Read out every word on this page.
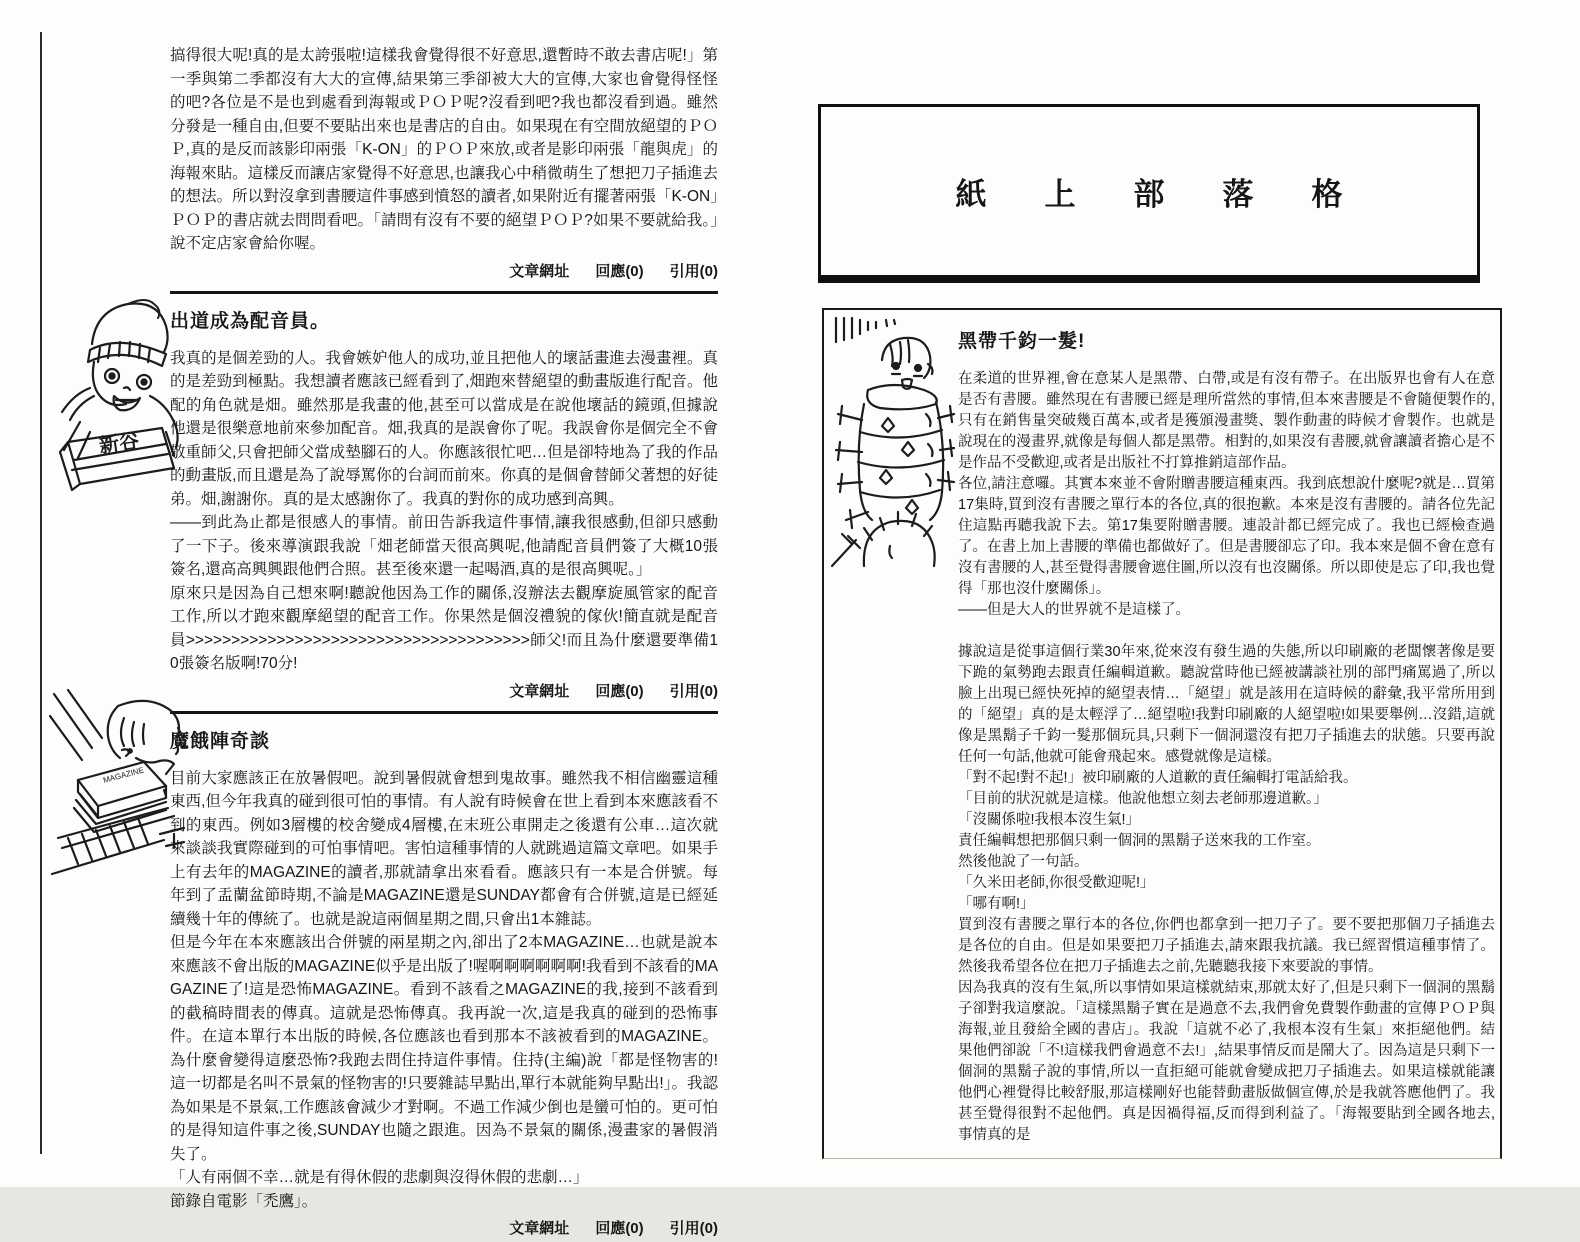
搞得很大呢!真的是太誇張啦!這樣我會覺得很不好意思,還暫時不敢去書店呢!」第一季與第二季都沒有大大的宣傳,結果第三季卻被大大的宣傳,大家也會覺得怪怪的吧?各位是不是也到處看到海報或ＰＯＰ呢?沒看到吧?我也都沒看到過。雖然分發是一種自由,但要不要貼出來也是書店的自由。如果現在有空間放絕望的ＰＯＰ,真的是反而該影印兩張「K-ON」的ＰＯＰ來放,或者是影印兩張「龍與虎」的海報來貼。這樣反而讓店家覺得不好意思,也讓我心中稍微萌生了想把刀子插進去的想法。所以對沒拿到書腰這件事感到憤怒的讀者,如果附近有擺著兩張「K-ON」ＰＯＰ的書店就去問問看吧。「請問有沒有不要的絕望ＰＯＰ?如果不要就給我。」說不定店家會給你喔。

文章網址 回應(0) 引用(0)
出道成為配音員。

我真的是個差勁的人。我會嫉妒他人的成功,並且把他人的壞話畫進去漫畫裡。真的是差勁到極點。我想讀者應該已經看到了,畑跑來替絕望的動畫版進行配音。他配的角色就是畑。雖然那是我畫的他,甚至可以當成是在說他壞話的鏡頭,但據說他還是很樂意地前來參加配音。畑,我真的是誤會你了呢。我誤會你是個完全不會敬重師父,只會把師父當成墊腳石的人。你應該很忙吧…但是卻特地為了我的作品的動畫版,而且還是為了說辱罵你的台詞而前來。你真的是個會替師父著想的好徒弟。畑,謝謝你。真的是太感謝你了。我真的對你的成功感到高興。

——到此為止都是很感人的事情。前田告訴我這件事情,讓我很感動,但卻只感動了一下子。後來導演跟我說「畑老師當天很高興呢,他請配音員們簽了大概10張簽名,還高高興興跟他們合照。甚至後來還一起喝酒,真的是很高興呢。」

原來只是因為自己想來啊!聽說他因為工作的關係,沒辦法去觀摩旋風管家的配音工作,所以才跑來觀摩絕望的配音工作。你果然是個沒禮貌的傢伙!簡直就是配音員>>>>>>>>>>>>>>>>>>>>>>>>>>>>>>>>>>>>>>師父!而且為什麼還要準備10張簽名版啊!70分!

文章網址 回應(0) 引用(0)
魔餓陣奇談

目前大家應該正在放暑假吧。說到暑假就會想到鬼故事。雖然我不相信幽靈這種東西,但今年我真的碰到很可怕的事情。有人說有時候會在世上看到本來應該看不到的東西。例如3層樓的校舍變成4層樓,在末班公車開走之後還有公車…這次就來談談我實際碰到的可怕事情吧。害怕這種事情的人就跳過這篇文章吧。如果手上有去年的MAGAZINE的讀者,那就請拿出來看看。應該只有一本是合併號。每年到了盂蘭盆節時期,不論是MAGAZINE還是SUNDAY都會有合併號,這是已經延續幾十年的傳統了。也就是說這兩個星期之間,只會出1本雜誌。

但是今年在本來應該出合併號的兩星期之內,卻出了2本MAGAZINE…也就是說本來應該不會出版的MAGAZINE似乎是出版了!喔啊啊啊啊啊啊!我看到不該看的MAGAZINE了!這是恐怖MAGAZINE。看到不該看之MAGAZINE的我,接到不該看到的截稿時間表的傳真。這就是恐怖傳真。我再說一次,這是我真的碰到的恐怖事件。在這本單行本出版的時候,各位應該也看到那本不該被看到的MAGAZINE。為什麼會變得這麼恐怖?我跑去問住持這件事情。住持(主編)說「都是怪物害的!這一切都是名叫不景氣的怪物害的!只要雜誌早點出,單行本就能夠早點出!」。我認為如果是不景氣,工作應該會減少才對啊。不過工作減少倒也是蠻可怕的。更可怕的是得知這件事之後,SUNDAY也隨之跟進。因為不景氣的關係,漫畫家的暑假消失了。

「人有兩個不幸…就是有得休假的悲劇與沒得休假的悲劇…」

節錄自電影「禿鷹」。

文章網址 回應(0) 引用(0)
新谷
MAGAZINE
紙上部落格
黑帶千鈞一髮!

在柔道的世界裡,會在意某人是黑帶、白帶,或是有沒有帶子。在出版界也會有人在意是否有書腰。雖然現在有書腰已經是理所當然的事情,但本來書腰是不會隨便製作的,只有在銷售量突破幾百萬本,或者是獲頒漫畫獎、製作動畫的時候才會製作。也就是說現在的漫畫界,就像是每個人都是黑帶。相對的,如果沒有書腰,就會讓讀者擔心是不是作品不受歡迎,或者是出版社不打算推銷這部作品。

各位,請注意囉。其實本來並不會附贈書腰這種東西。我到底想說什麼呢?就是…買第17集時,買到沒有書腰之單行本的各位,真的很抱歉。本來是沒有書腰的。請各位先記住這點再聽我說下去。第17集要附贈書腰。連設計都已經完成了。我也已經檢查過了。在書上加上書腰的準備也都做好了。但是書腰卻忘了印。我本來是個不會在意有沒有書腰的人,甚至覺得書腰會遮住圖,所以沒有也沒關係。所以即使是忘了印,我也覺得「那也沒什麼關係」。

——但是大人的世界就不是這樣了。

據說這是從事這個行業30年來,從來沒有發生過的失態,所以印刷廠的老闆懷著像是要下跪的氣勢跑去跟責任編輯道歉。聽說當時他已經被講談社別的部門痛罵過了,所以臉上出現已經快死掉的絕望表情…「絕望」就是該用在這時候的辭彙,我平常所用到的「絕望」真的是太輕浮了…絕望啦!我對印刷廠的人絕望啦!如果要舉例…沒錯,這就像是黑鬍子千鈞一髮那個玩具,只剩下一個洞還沒有把刀子插進去的狀態。只要再說任何一句話,他就可能會飛起來。感覺就像是這樣。

「對不起!對不起!」被印刷廠的人道歉的責任編輯打電話給我。

「目前的狀況就是這樣。他說他想立刻去老師那邊道歉。」

「沒關係啦!我根本沒生氣!」

責任編輯想把那個只剩一個洞的黑鬍子送來我的工作室。

然後他說了一句話。

「久米田老師,你很受歡迎呢!」

「哪有啊!」

買到沒有書腰之單行本的各位,你們也都拿到一把刀子了。要不要把那個刀子插進去是各位的自由。但是如果要把刀子插進去,請來跟我抗議。我已經習慣這種事情了。然後我希望各位在把刀子插進去之前,先聽聽我接下來要說的事情。

因為我真的沒有生氣,所以事情如果這樣就結束,那就太好了,但是只剩下一個洞的黑鬍子卻對我這麼說。「這樣黑鬍子實在是過意不去,我們會免費製作動畫的宣傳ＰＯＰ與海報,並且發給全國的書店」。我說「這就不必了,我根本沒有生氣」來拒絕他們。結果他們卻說「不!這樣我們會過意不去!」,結果事情反而是鬧大了。因為這是只剩下一個洞的黑鬍子說的事情,所以一直拒絕可能就會變成把刀子插進去。如果這樣就能讓他們心裡覺得比較舒服,那這樣剛好也能替動畫版做個宣傳,於是我就答應他們了。我甚至覺得很對不起他們。真是因禍得福,反而得到利益了。「海報要貼到全國各地去,事情真的是
